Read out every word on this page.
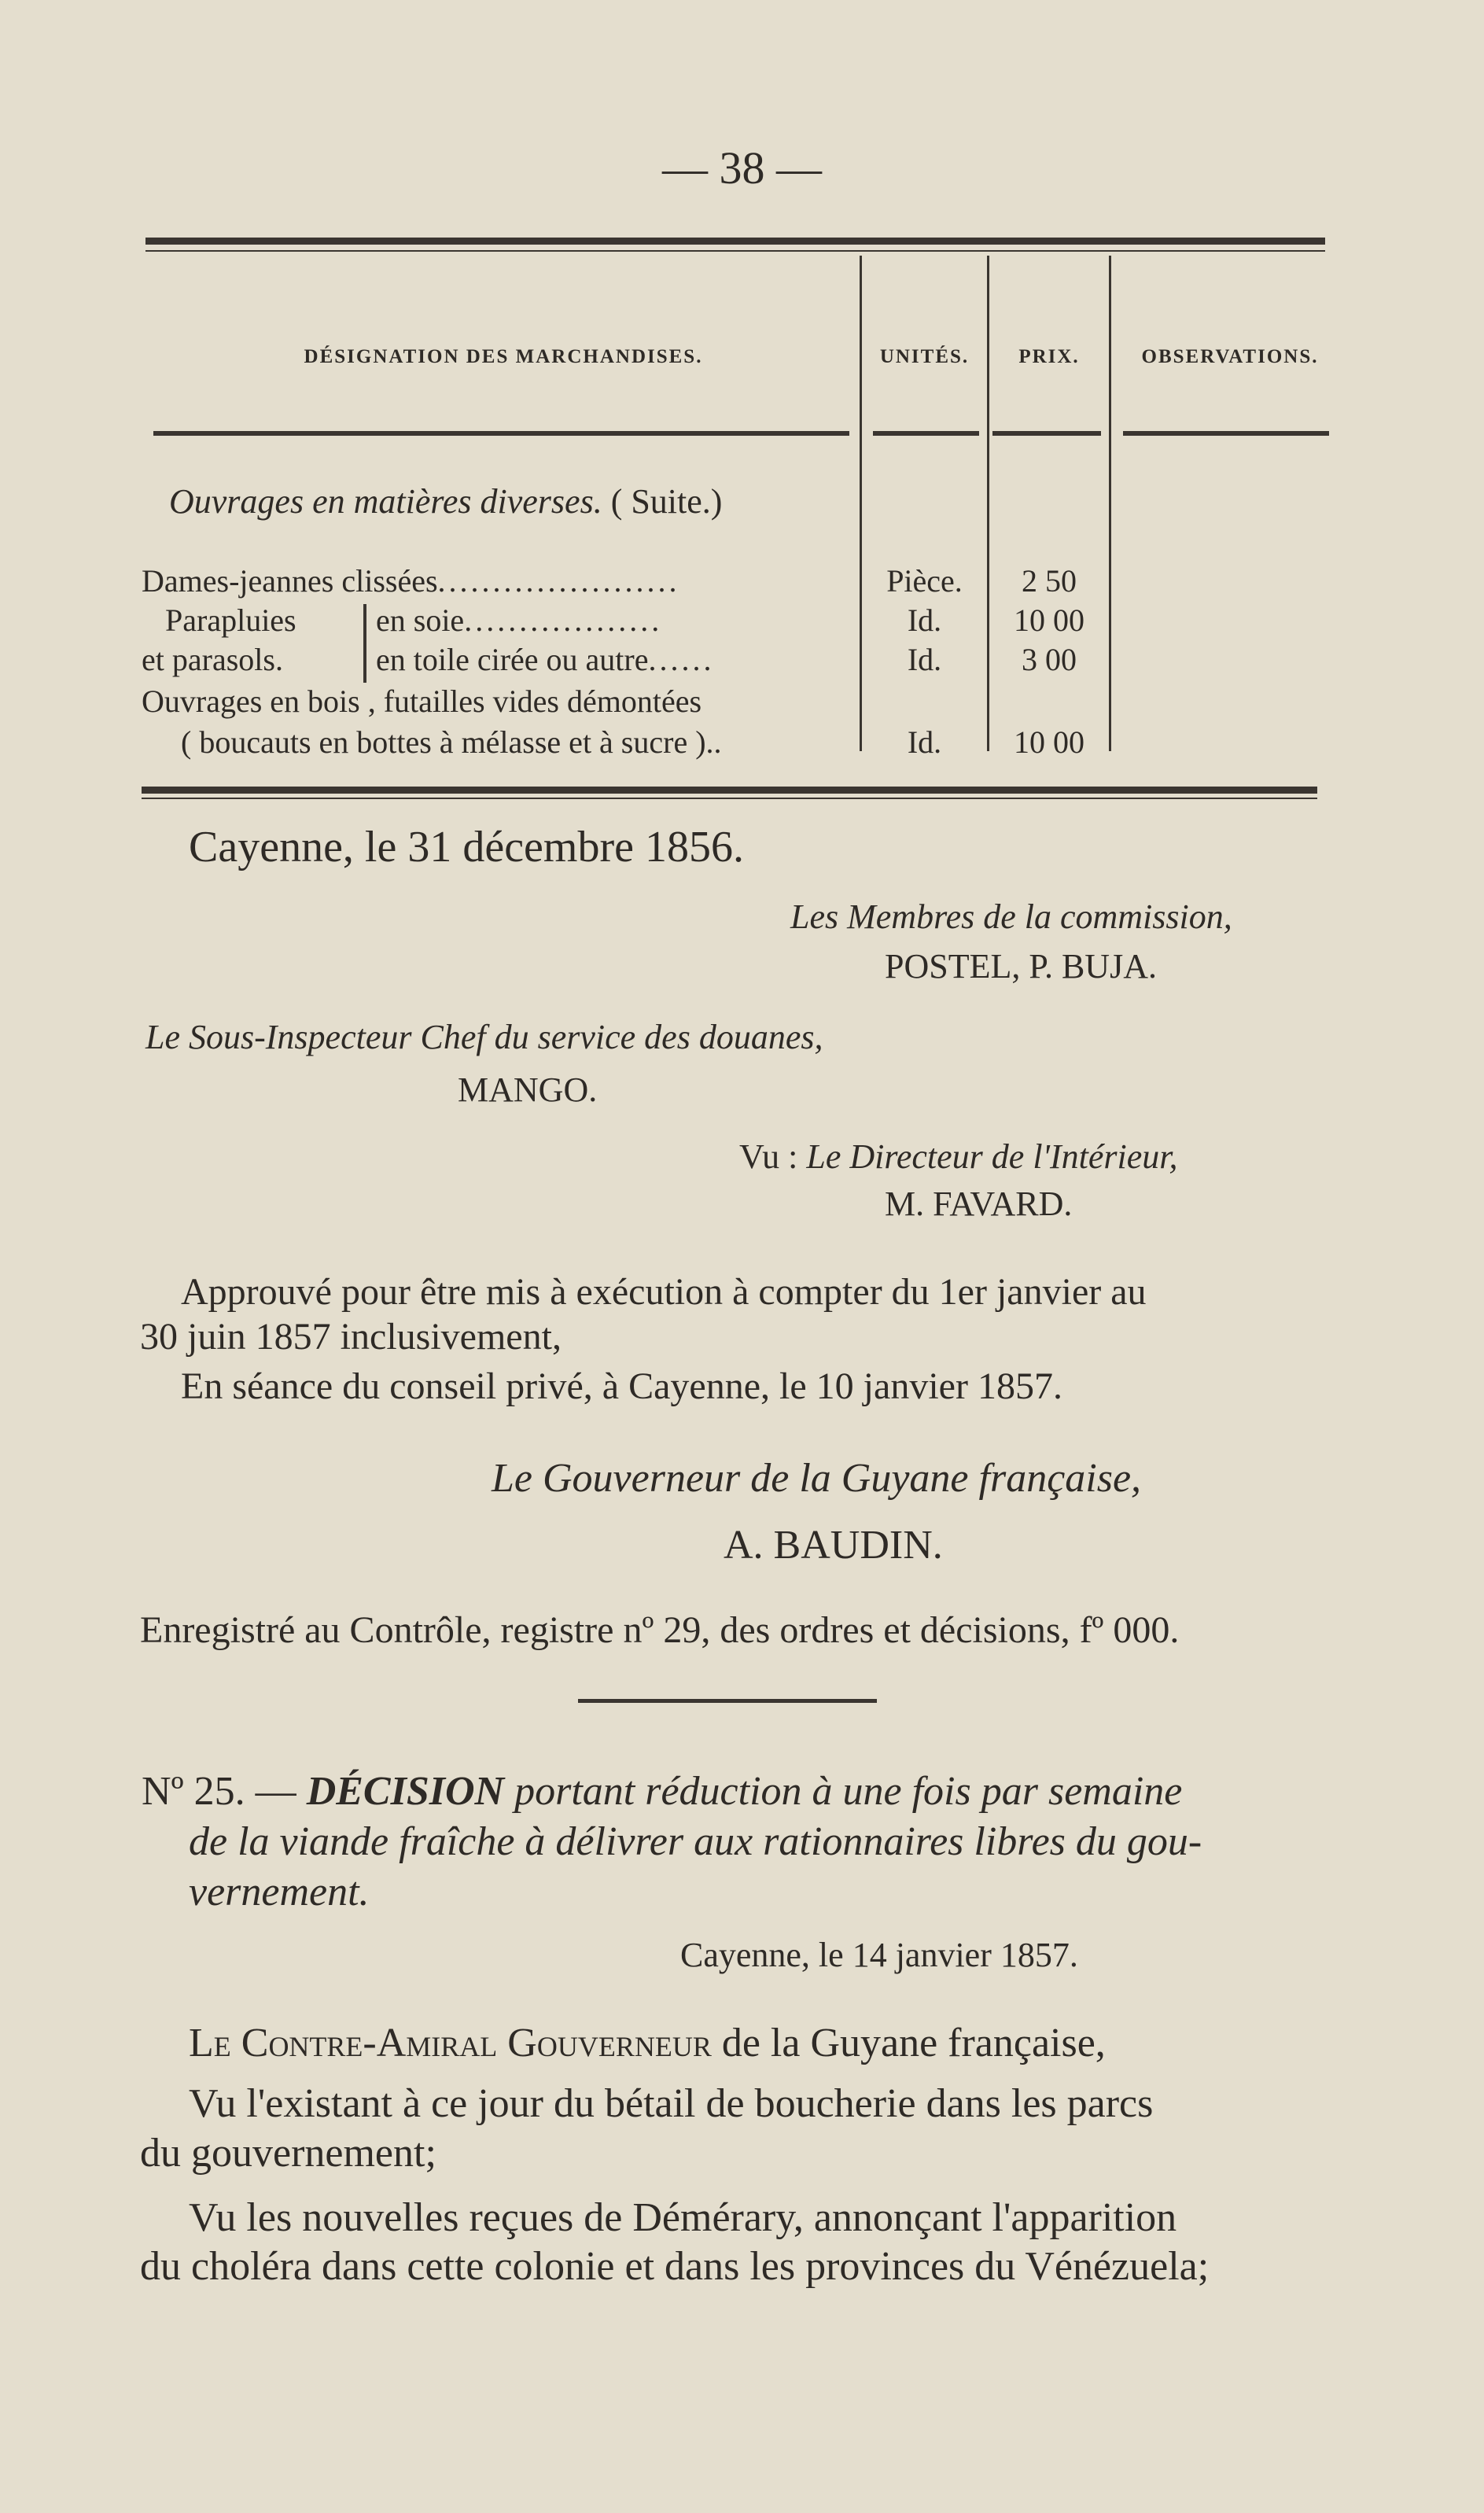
— 38 —
DÉSIGNATION DES MARCHANDISES.	UNITÉS.	PRIX.	OBSERVATIONS.
Ouvrages en matières diverses. ( Suite.)
Dames-jeannes clissées......................	Pièce.	2 50
Parapluies	en soie..................	Id.	10 00
et parasols.	en toile cirée ou autre......	Id.	3 00
Ouvrages en bois , futailles vides démontées
( boucauts en bottes à mélasse et à sucre )..	Id.	10 00
Cayenne, le 31 décembre 1856.
Les Membres de la commission,
POSTEL, P. BUJA.
Le Sous-Inspecteur Chef du service des douanes,
MANGO.
Vu : Le Directeur de l'Intérieur,
M. FAVARD.
Approuvé pour être mis à exécution à compter du 1er janvier au
30 juin 1857 inclusivement,
En séance du conseil privé, à Cayenne, le 10 janvier 1857.
Le Gouverneur de la Guyane française,
A. BAUDIN.
Enregistré au Contrôle, registre nº 29, des ordres et décisions, fº 000.
Nº 25. — DÉCISION portant réduction à une fois par semaine
de la viande fraîche à délivrer aux rationnaires libres du gou-
vernement.
Cayenne, le 14 janvier 1857.
Le Contre-Amiral Gouverneur de la Guyane française,
Vu l'existant à ce jour du bétail de boucherie dans les parcs
du gouvernement;
Vu les nouvelles reçues de Démérary, annonçant l'apparition
du choléra dans cette colonie et dans les provinces du Vénézuela;
